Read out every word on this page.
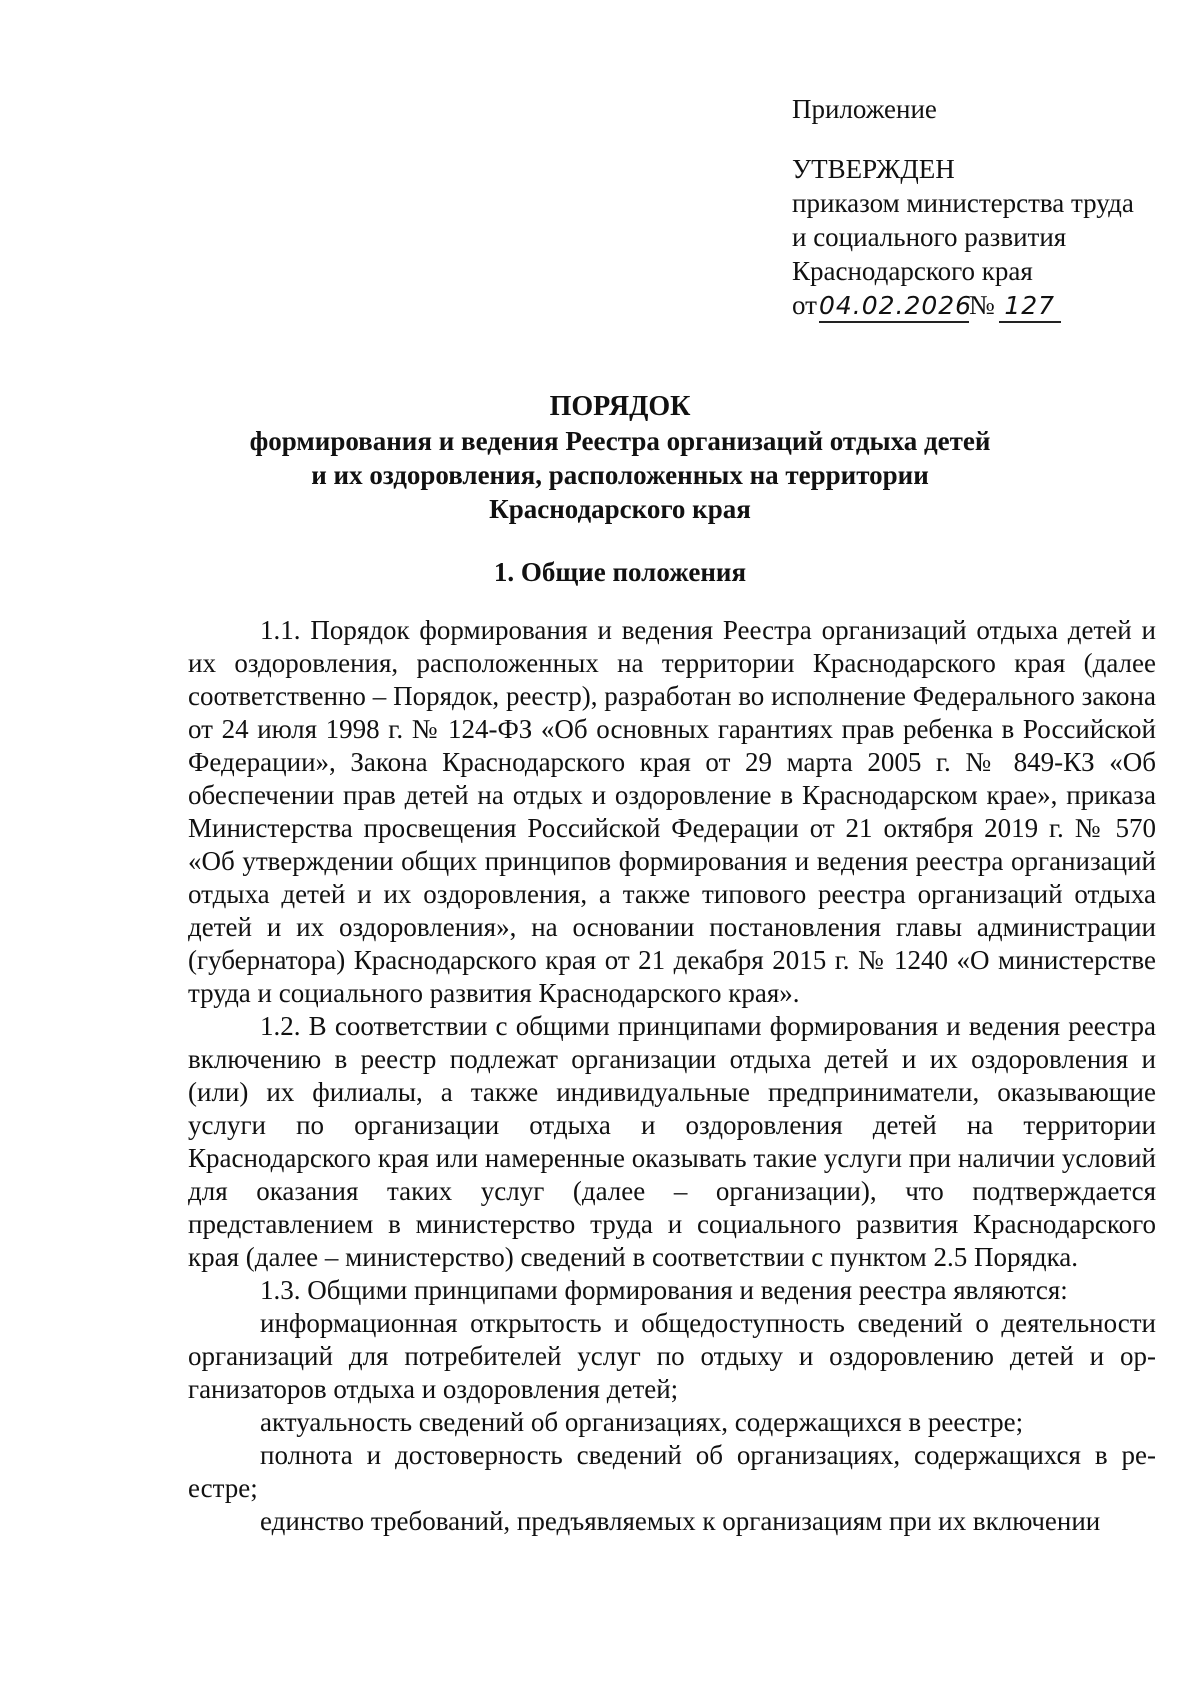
Приложение
УТВЕРЖДЕН
приказом министерства труда
и социального развития
Краснодарского края
от 04.02.2026
№ 127
ПОРЯДОК
формирования и ведения Реестра организаций отдыха детей
и их оздоровления, расположенных на территории
Краснодарского края
1. Общие положения

1.1. Порядок формирования и ведения Реестра организаций отдыха детей и их оздоровления, расположенных на территории Краснодарского края (далее соответственно – Порядок, реестр), разработан во исполнение Федерального закона от 24 июля 1998 г. № 124-ФЗ «Об основных гарантиях прав ребенка в Российской Федерации», Закона Краснодарского края от 29 марта 2005 г. № 849-КЗ «Об обеспечении прав детей на отдых и оздоровление в Краснодарском крае», приказа Министерства просвещения Российской Федерации от 21 октября 2019 г. № 570 «Об утверждении общих принципов формирования и ведения реестра организаций отдыха детей и их оздоровления, а также типового реестра организаций отдыха детей и их оздоровления», на основании постановления главы администрации (губернатора) Краснодарского края от 21 декабря 2015 г. № 1240 «О министерстве труда и социального развития Краснодарского края».

1.2. В соответствии с общими принципами формирования и ведения реестра включению в реестр подлежат организации отдыха детей и их оздоровления и (или) их филиалы, а также индивидуальные предприниматели, оказывающие услуги по организации отдыха и оздоровления детей на территории Краснодарского края или намеренные оказывать такие услуги при наличии условий для оказания таких услуг (далее – организации), что подтверждается представлением в министерство труда и социального развития Краснодарского края (далее – министерство) сведений в соответствии с пунктом 2.5 Порядка.

1.3. Общими принципами формирования и ведения реестра являются:

информационная открытость и общедоступность сведений о деятельности организаций для потребителей услуг по отдыху и оздоровлению детей и организаторов отдыха и оздоровления детей;

актуальность сведений об организациях, содержащихся в реестре;

полнота и достоверность сведений об организациях, содержащихся в реестре;

единство требований, предъявляемых к организациям при их включении
